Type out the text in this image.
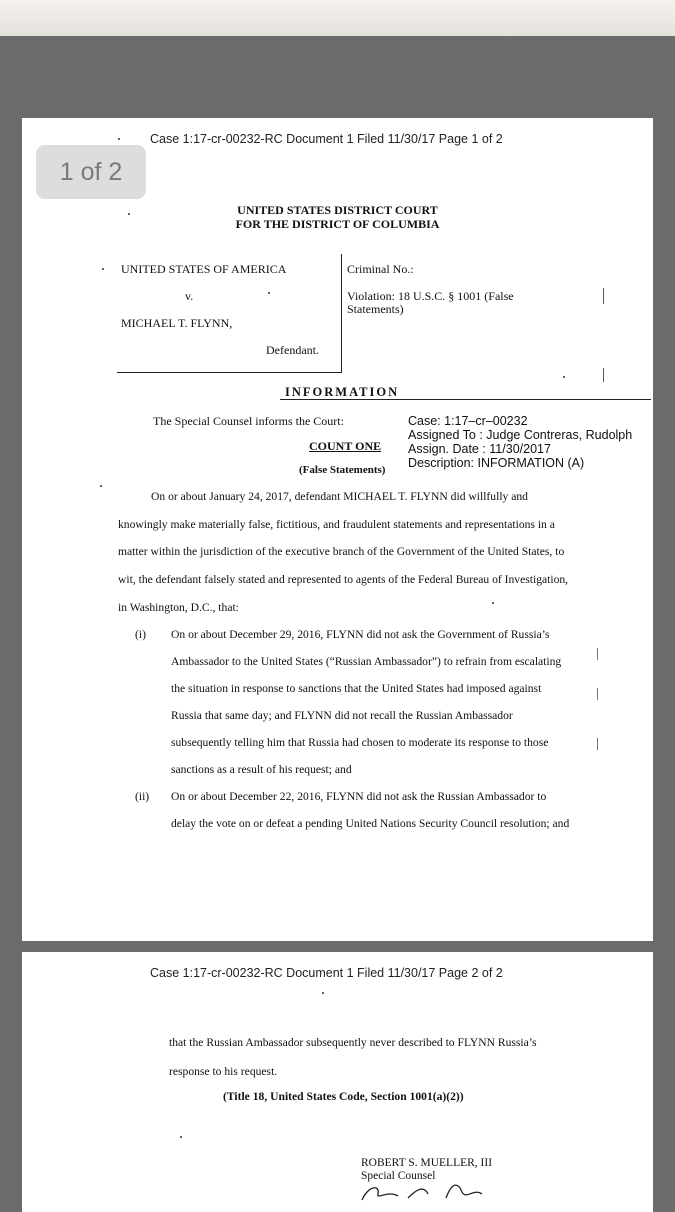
Case 1:17-cr-00232-RC Document 1 Filed 11/30/17 Page 1 of 2
UNITED STATES DISTRICT COURT
FOR THE DISTRICT OF COLUMBIA
UNITED STATES OF AMERICA
v.
MICHAEL T. FLYNN,
Defendant.
Criminal No.:
Violation: 18 U.S.C. § 1001 (False
Statements)
INFORMATION
The Special Counsel informs the Court:
COUNT ONE
(False Statements)
Case: 1:17–cr–00232
Assigned To : Judge Contreras, Rudolph
Assign. Date : 11/30/2017
Description: INFORMATION (A)
On or about January 24, 2017, defendant MICHAEL T. FLYNN did willfully and
knowingly make materially false, fictitious, and fraudulent statements and representations in a
matter within the jurisdiction of the executive branch of the Government of the United States, to
wit, the defendant falsely stated and represented to agents of the Federal Bureau of Investigation,
in Washington, D.C., that:
(i) On or about December 29, 2016, FLYNN did not ask the Government of Russia’s
Ambassador to the United States (“Russian Ambassador”) to refrain from escalating
the situation in response to sanctions that the United States had imposed against
Russia that same day; and FLYNN did not recall the Russian Ambassador
subsequently telling him that Russia had chosen to moderate its response to those
sanctions as a result of his request; and
(ii) On or about December 22, 2016, FLYNN did not ask the Russian Ambassador to
delay the vote on or defeat a pending United Nations Security Council resolution; and
1 of 2
Case 1:17-cr-00232-RC Document 1 Filed 11/30/17 Page 2 of 2
that the Russian Ambassador subsequently never described to FLYNN Russia’s
response to his request.
(Title 18, United States Code, Section 1001(a)(2))
ROBERT S. MUELLER, III
Special Counsel
